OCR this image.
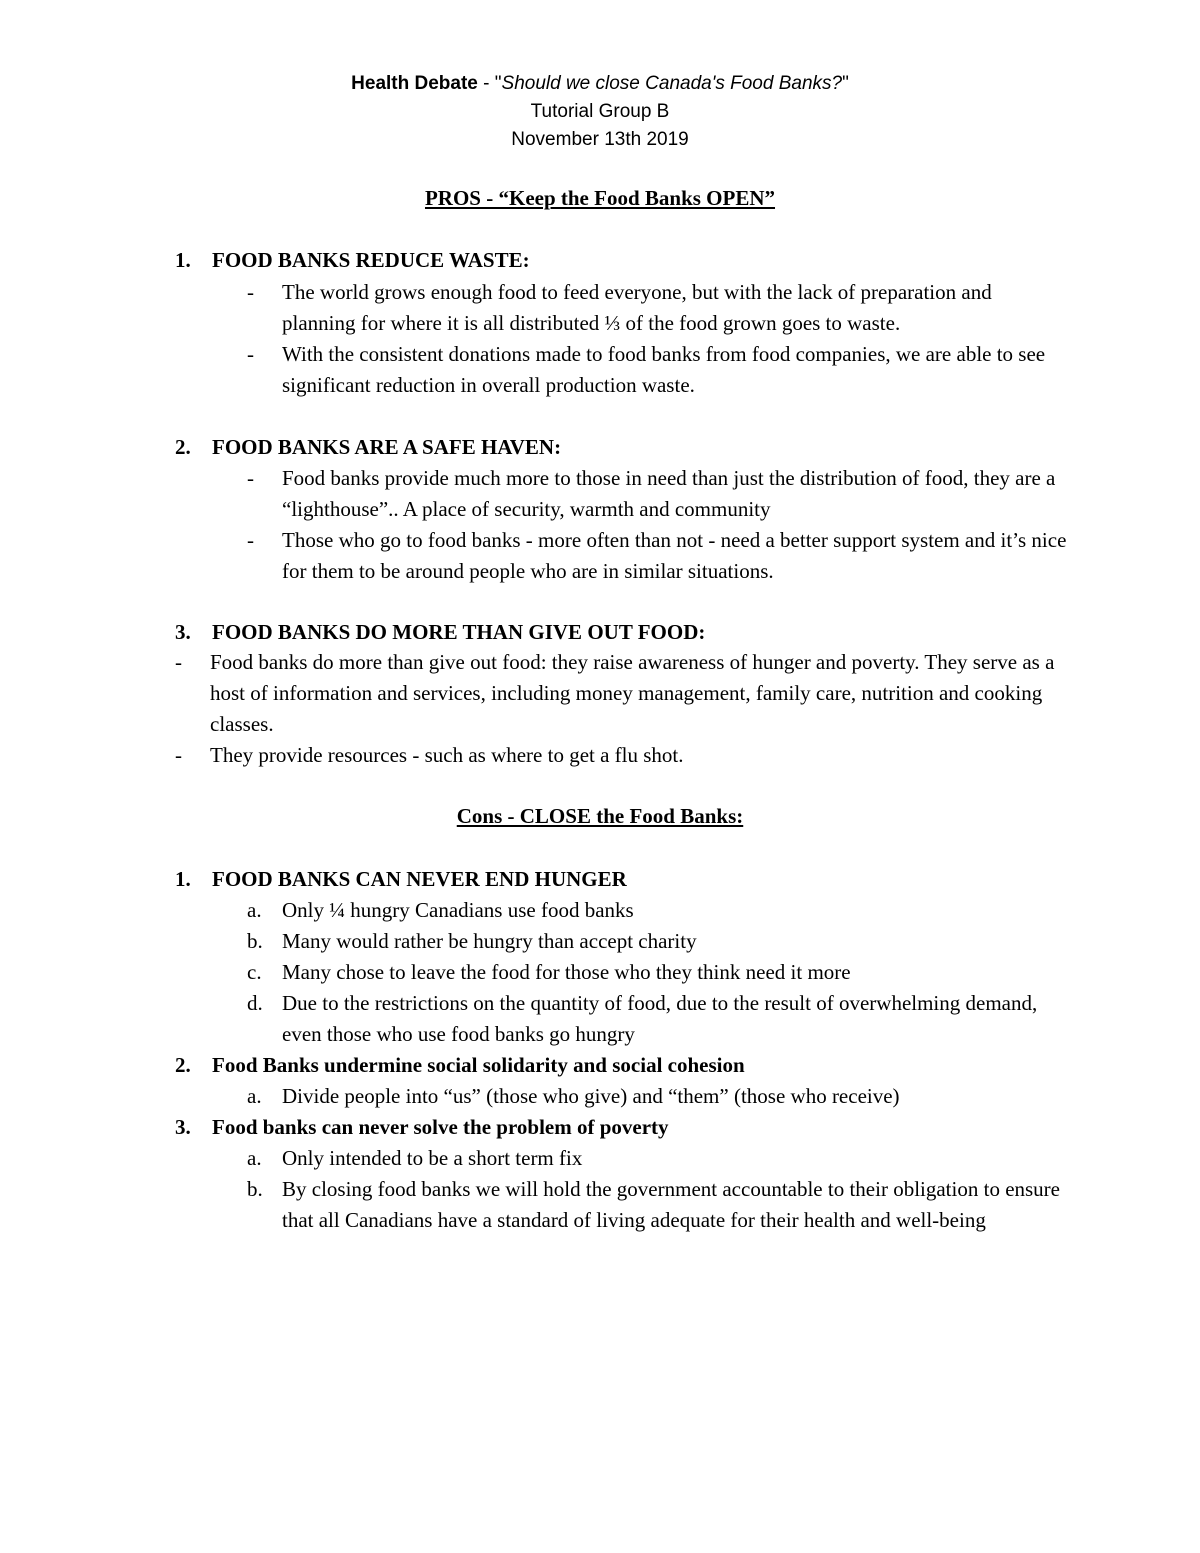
Health Debate - "Should we close Canada's Food Banks?"
Tutorial Group B
November 13th 2019
PROS - “Keep the Food Banks OPEN”
1. FOOD BANKS REDUCE WASTE:
-	The world grows enough food to feed everyone, but with the lack of preparation and planning for where it is all distributed ⅓ of the food grown goes to waste.
-	With the consistent donations made to food banks from food companies, we are able to see significant reduction in overall production waste.
2. FOOD BANKS ARE A SAFE HAVEN:
-	Food banks provide much more to those in need than just the distribution of food, they are a “lighthouse”.. A place of security, warmth and community
-	Those who go to food banks - more often than not - need a better support system and it’s nice for them to be around people who are in similar situations.
3. FOOD BANKS DO MORE THAN GIVE OUT FOOD:
-	Food banks do more than give out food: they raise awareness of hunger and poverty. They serve as a host of information and services, including money management, family care, nutrition and cooking classes.
-	They provide resources - such as where to get a flu shot.
Cons - CLOSE the Food Banks:
1. FOOD BANKS CAN NEVER END HUNGER
a. Only ¼ hungry Canadians use food banks
b. Many would rather be hungry than accept charity
c. Many chose to leave the food for those who they think need it more
d. Due to the restrictions on the quantity of food, due to the result of overwhelming demand, even those who use food banks go hungry
2. Food Banks undermine social solidarity and social cohesion
a. Divide people into “us” (those who give) and “them” (those who receive)
3. Food banks can never solve the problem of poverty
a. Only intended to be a short term fix
b. By closing food banks we will hold the government accountable to their obligation to ensure that all Canadians have a standard of living adequate for their health and well-being
